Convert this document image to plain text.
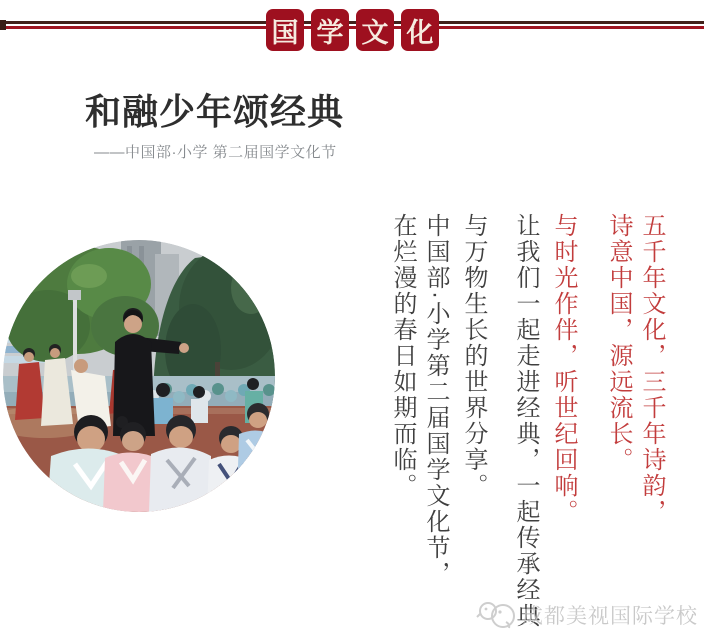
国 学 文 化
和融少年颂经典
——中国部·小学 第二届国学文化节

五千年文化，三千年诗韵，
诗意中国，源远流长。

与时光作伴，听世纪回响。

让我们一起走进经典，一起传承经典

与万物生长的世界分享。

中国部·小学第二届国学文化节，

在烂漫的春日如期而临。

成都美视国际学校
